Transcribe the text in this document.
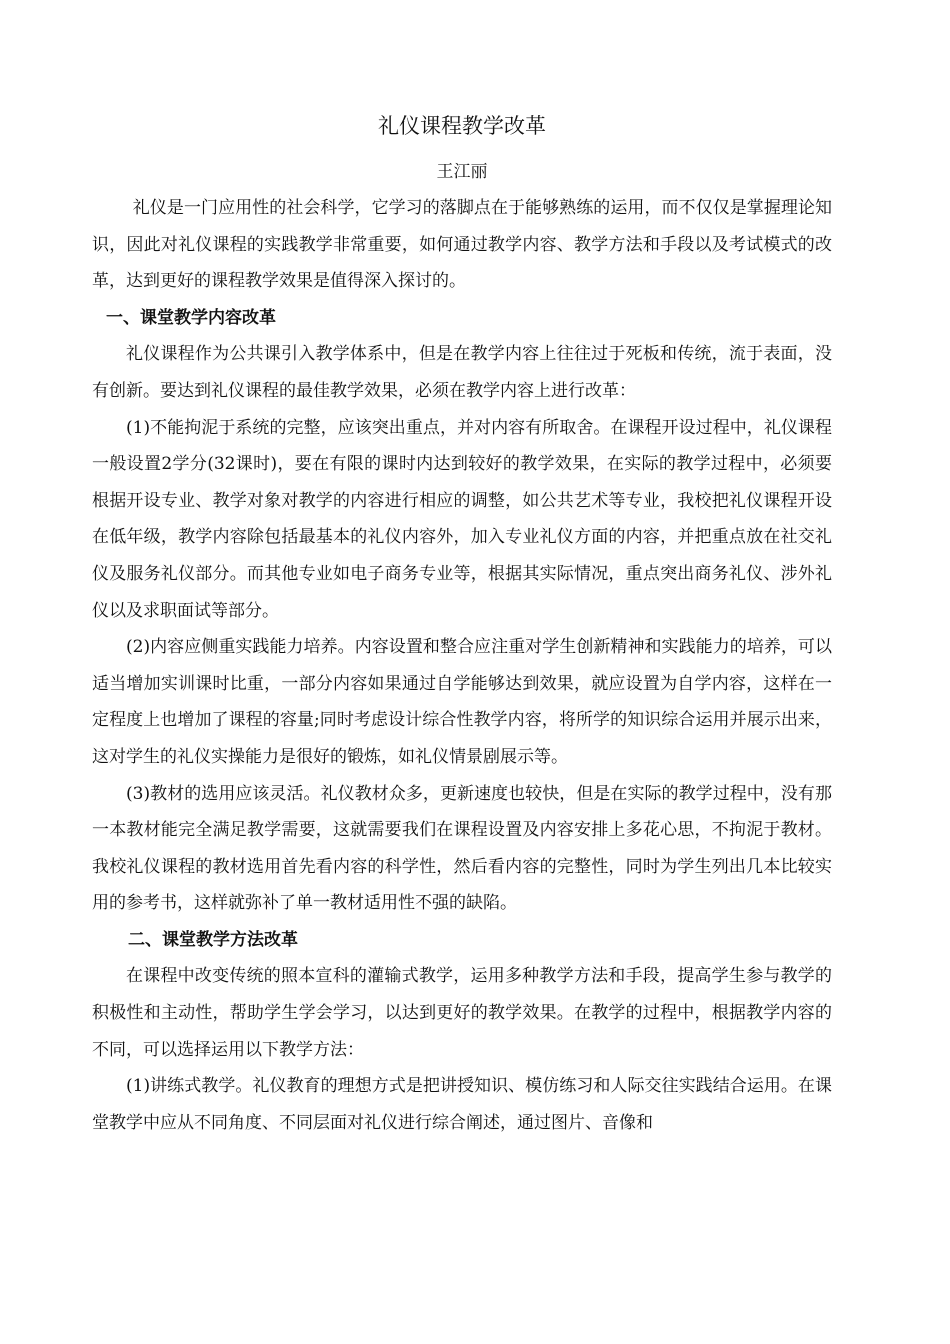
礼仪课程教学改革
王江丽

礼仪是一门应用性的社会科学，它学习的落脚点在于能够熟练的运用，而不仅仅是掌握理论知识，因此对礼仪课程的实践教学非常重要，如何通过教学内容、教学方法和手段以及考试模式的改革，达到更好的课程教学效果是值得深入探讨的。

一、课堂教学内容改革

礼仪课程作为公共课引入教学体系中，但是在教学内容上往往过于死板和传统，流于表面，没有创新。要达到礼仪课程的最佳教学效果，必须在教学内容上进行改革：

(1)不能拘泥于系统的完整，应该突出重点，并对内容有所取舍。在课程开设过程中，礼仪课程一般设置2学分(32课时)，要在有限的课时内达到较好的教学效果，在实际的教学过程中，必须要根据开设专业、教学对象对教学的内容进行相应的调整，如公共艺术等专业，我校把礼仪课程开设在低年级，教学内容除包括最基本的礼仪内容外，加入专业礼仪方面的内容，并把重点放在社交礼仪及服务礼仪部分。而其他专业如电子商务专业等，根据其实际情况，重点突出商务礼仪、涉外礼仪以及求职面试等部分。

(2)内容应侧重实践能力培养。内容设置和整合应注重对学生创新精神和实践能力的培养，可以适当增加实训课时比重，一部分内容如果通过自学能够达到效果，就应设置为自学内容，这样在一定程度上也增加了课程的容量;同时考虑设计综合性教学内容，将所学的知识综合运用并展示出来，这对学生的礼仪实操能力是很好的锻炼，如礼仪情景剧展示等。

(3)教材的选用应该灵活。礼仪教材众多，更新速度也较快，但是在实际的教学过程中，没有那一本教材能完全满足教学需要，这就需要我们在课程设置及内容安排上多花心思，不拘泥于教材。我校礼仪课程的教材选用首先看内容的科学性，然后看内容的完整性，同时为学生列出几本比较实用的参考书，这样就弥补了单一教材适用性不强的缺陷。

二、课堂教学方法改革

在课程中改变传统的照本宣科的灌输式教学，运用多种教学方法和手段，提高学生参与教学的积极性和主动性，帮助学生学会学习，以达到更好的教学效果。在教学的过程中，根据教学内容的不同，可以选择运用以下教学方法：

(1)讲练式教学。礼仪教育的理想方式是把讲授知识、模仿练习和人际交往实践结合运用。在课堂教学中应从不同角度、不同层面对礼仪进行综合阐述，通过图片、音像和
